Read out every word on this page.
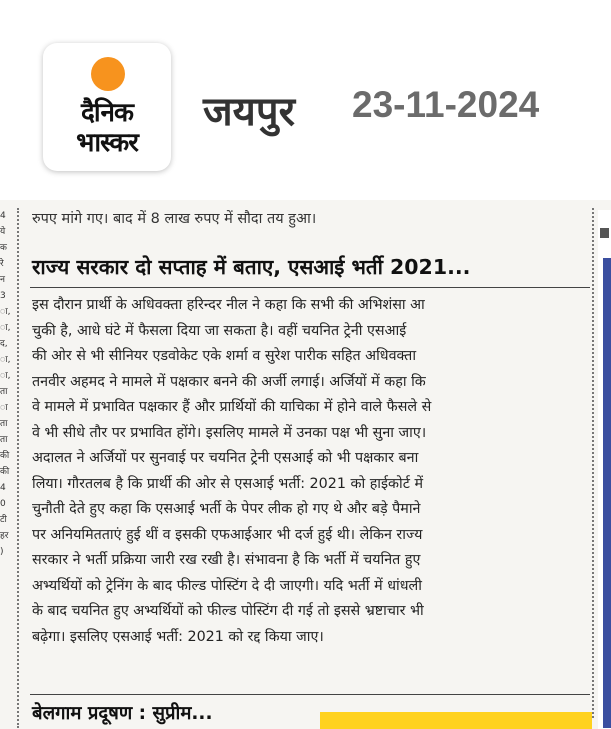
दैनिक
भास्कर
जयपुर 23-11-2024
4
ये
क
रे
न
3
ा,
ा,
द,
ा,
ा,
ता
ा
ता
ता
की
की
4
0
टी
हर
)
रुपए मांगे गए। बाद में 8 लाख रुपए में सौदा तय हुआ।
राज्य सरकार दो सप्ताह में बताए, एसआई भर्ती 2021...
इस दौरान प्रार्थी के अधिवक्ता हरिन्दर नील ने कहा कि सभी की अभिशंसा आ
चुकी है, आधे घंटे में फैसला दिया जा सकता है। वहीं चयनित ट्रेनी एसआई
की ओर से भी सीनियर एडवोकेट एके शर्मा व सुरेश पारीक सहित अधिवक्ता
तनवीर अहमद ने मामले में पक्षकार बनने की अर्जी लगाई। अर्जियों में कहा कि
वे मामले में प्रभावित पक्षकार हैं और प्रार्थियों की याचिका में होने वाले फैसले से
वे भी सीधे तौर पर प्रभावित होंगे। इसलिए मामले में उनका पक्ष भी सुना जाए।
अदालत ने अर्जियों पर सुनवाई पर चयनित ट्रेनी एसआई को भी पक्षकार बना
लिया। गौरतलब है कि प्रार्थी की ओर से एसआई भर्ती: 2021 को हाईकोर्ट में
चुनौती देते हुए कहा कि एसआई भर्ती के पेपर लीक हो गए थे और बड़े पैमाने
पर अनियमितताएं हुई थीं व इसकी एफआईआर भी दर्ज हुई थी। लेकिन राज्य
सरकार ने भर्ती प्रक्रिया जारी रख रखी है। संभावना है कि भर्ती में चयनित हुए
अभ्यर्थियों को ट्रेनिंग के बाद फील्ड पोस्टिंग दे दी जाएगी। यदि भर्ती में धांधली
के बाद चयनित हुए अभ्यर्थियों को फील्ड पोस्टिंग दी गई तो इससे भ्रष्टाचार भी
बढ़ेगा। इसलिए एसआई भर्ती: 2021 को रद्द किया जाए।
बेलगाम प्रदूषण : सुप्रीम...
